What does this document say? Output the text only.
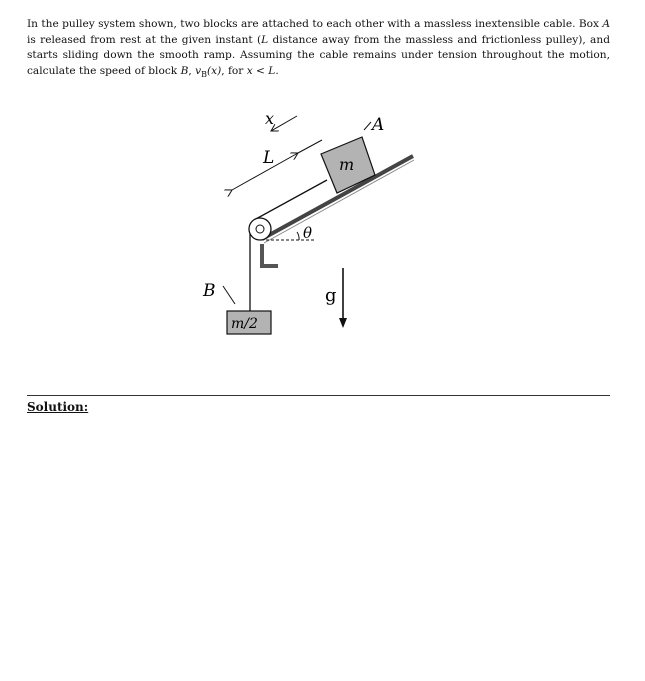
In the pulley system shown, two blocks are attached to each other with a massless inextensible cable. Box A is released from rest at the given instant (L distance away from the massless and frictionless pulley), and starts sliding down the smooth ramp. Assuming the cable remains under tension throughout the motion, calculate the speed of block B, $v_B(x)$, for x < L.

θ
m
A
L
x
m/2
B	g
Solution:
